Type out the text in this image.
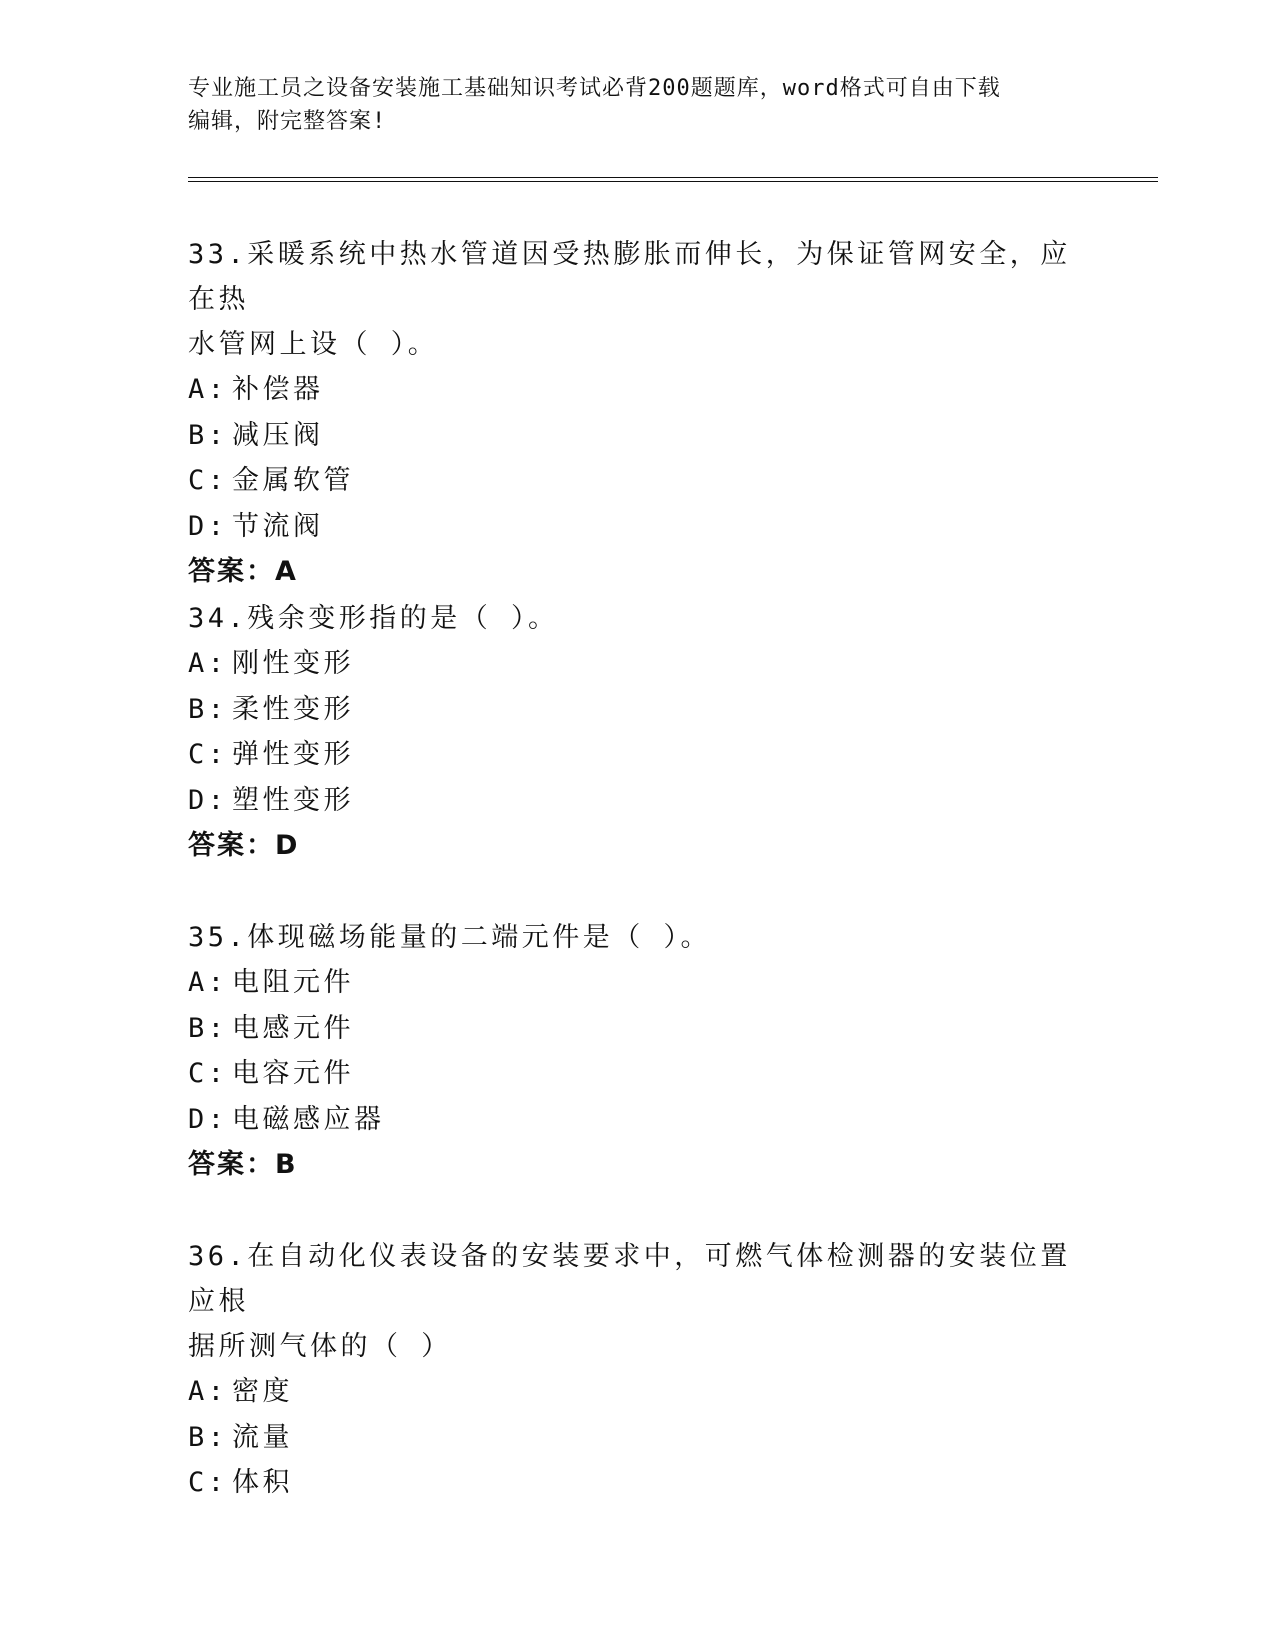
专业施工员之设备安装施工基础知识考试必背200题题库，word格式可自由下载
编辑，附完整答案!
33.采暖系统中热水管道因受热膨胀而伸长，为保证管网安全，应在热
水管网上设（ ）。
A: 补偿器
B: 减压阀
C: 金属软管
D: 节流阀
答案：A
34.残余变形指的是（ ）。
A: 刚性变形
B: 柔性变形
C: 弹性变形
D: 塑性变形
答案：D
35.体现磁场能量的二端元件是（ ）。
A: 电阻元件
B: 电感元件
C: 电容元件
D: 电磁感应器
答案：B
36.在自动化仪表设备的安装要求中，可燃气体检测器的安装位置应根
据所测气体的（ ）
A: 密度
B: 流量
C: 体积
